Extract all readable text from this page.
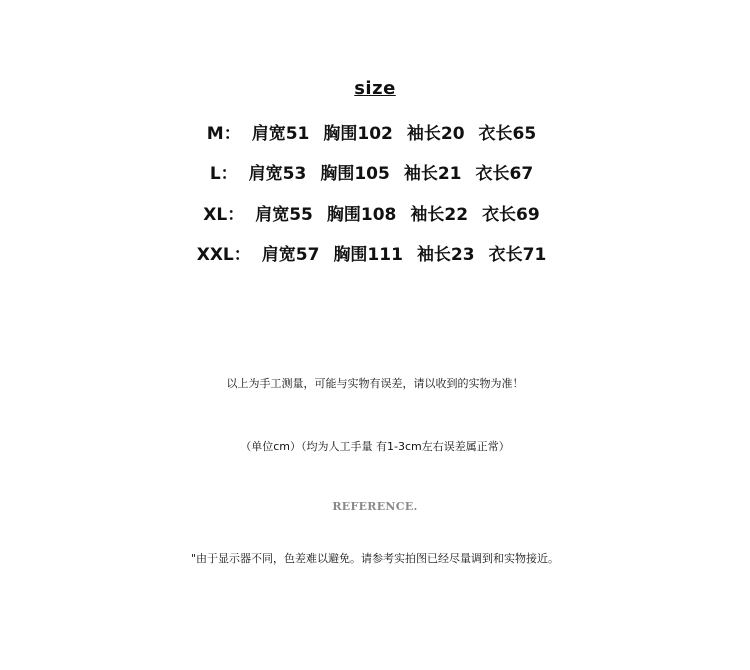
size
M： 肩宽51 胸围102 袖长20 衣长65
L： 肩宽53 胸围105 袖长21 衣长67
XL： 肩宽55 胸围108 袖长22 衣长69
XXL： 肩宽57 胸围111 袖长23 衣长71
以上为手工测量，可能与实物有误差，请以收到的实物为准！
（单位cm）（均为人工手量 有1-3cm左右误差属正常）
REFERENCE.
"由于显示器不同，色差难以避免。请参考实拍图已经尽量调到和实物接近。
